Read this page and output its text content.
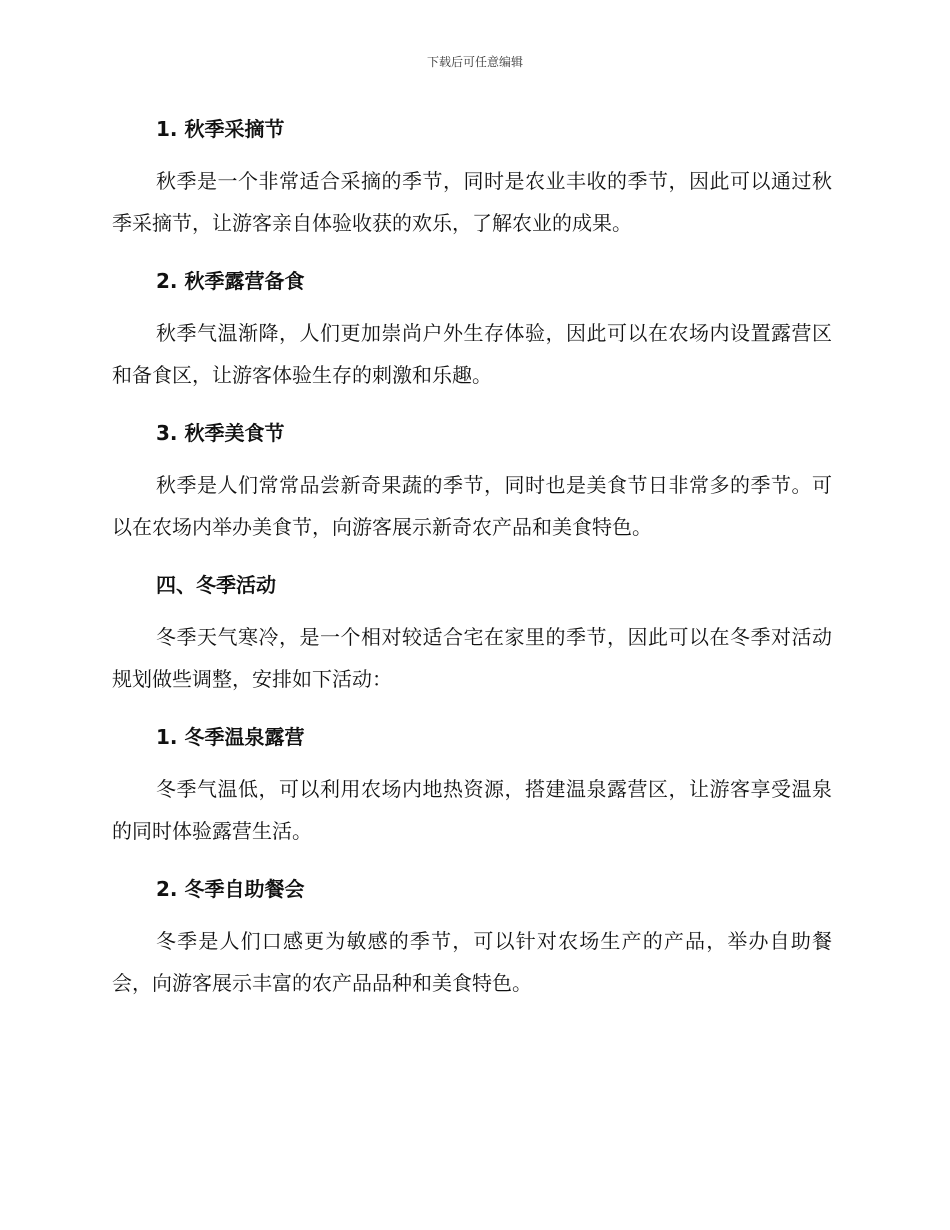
下载后可任意编辑
1. 秋季采摘节
秋季是一个非常适合采摘的季节，同时是农业丰收的季节，因此可以通过秋季采摘节，让游客亲自体验收获的欢乐，了解农业的成果。
2. 秋季露营备食
秋季气温渐降，人们更加崇尚户外生存体验，因此可以在农场内设置露营区和备食区，让游客体验生存的刺激和乐趣。
3. 秋季美食节
秋季是人们常常品尝新奇果蔬的季节，同时也是美食节日非常多的季节。可以在农场内举办美食节，向游客展示新奇农产品和美食特色。
四、冬季活动
冬季天气寒冷，是一个相对较适合宅在家里的季节，因此可以在冬季对活动规划做些调整，安排如下活动：
1. 冬季温泉露营
冬季气温低，可以利用农场内地热资源，搭建温泉露营区，让游客享受温泉的同时体验露营生活。
2. 冬季自助餐会
冬季是人们口感更为敏感的季节，可以针对农场生产的产品，举办自助餐会，向游客展示丰富的农产品品种和美食特色。
